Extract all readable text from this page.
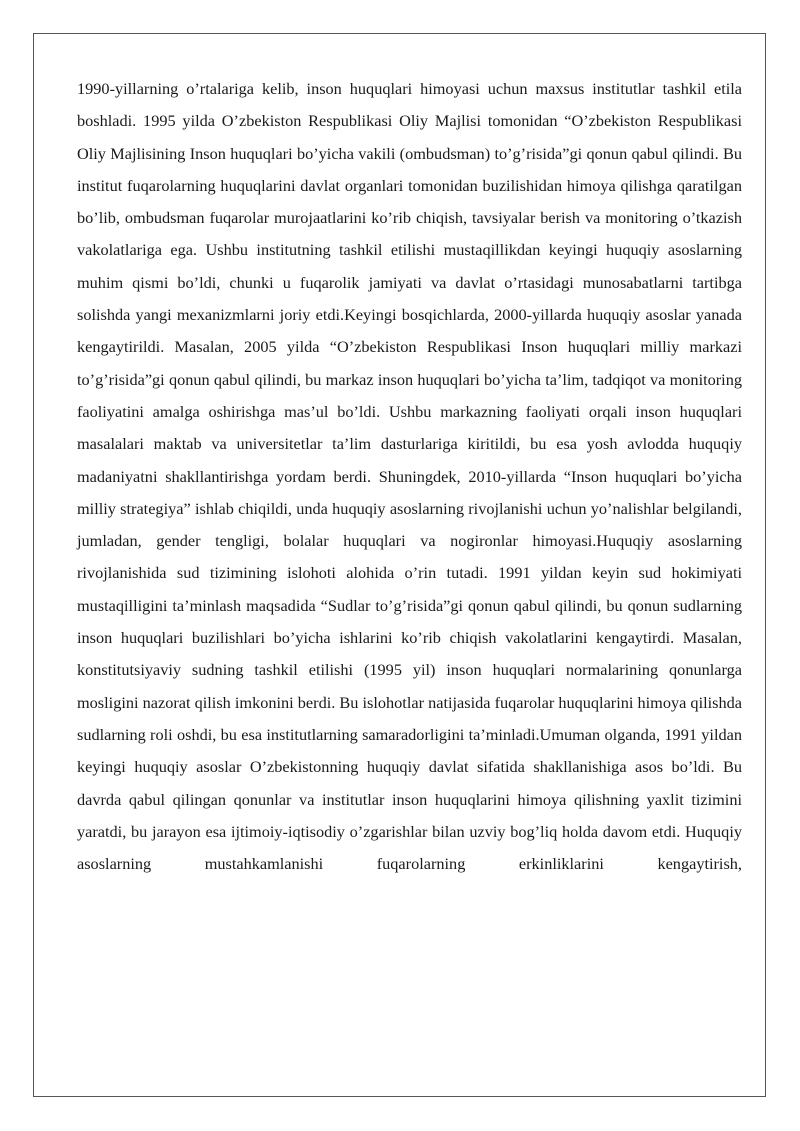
1990-yillarning o’rtalariga kelib, inson huquqlari himoyasi uchun maxsus institutlar tashkil etila boshladi. 1995 yilda O’zbekiston Respublikasi Oliy Majlisi tomonidan “O’zbekiston Respublikasi Oliy Majlisining Inson huquqlari bo’yicha vakili (ombudsman) to’g’risida”gi qonun qabul qilindi. Bu institut fuqarolarning huquqlarini davlat organlari tomonidan buzilishidan himoya qilishga qaratilgan bo’lib, ombudsman fuqarolar murojaatlarini ko’rib chiqish, tavsiyalar berish va monitoring o’tkazish vakolatlariga ega. Ushbu institutning tashkil etilishi mustaqillikdan keyingi huquqiy asoslarning muhim qismi bo’ldi, chunki u fuqarolik jamiyati va davlat o’rtasidagi munosabatlarni tartibga solishda yangi mexanizmlarni joriy etdi.Keyingi bosqichlarda, 2000-yillarda huquqiy asoslar yanada kengaytirildi. Masalan, 2005 yilda “O’zbekiston Respublikasi Inson huquqlari milliy markazi to’g’risida”gi qonun qabul qilindi, bu markaz inson huquqlari bo’yicha ta’lim, tadqiqot va monitoring faoliyatini amalga oshirishga mas’ul bo’ldi. Ushbu markazning faoliyati orqali inson huquqlari masalalari maktab va universitetlar ta’lim dasturlariga kiritildi, bu esa yosh avlodda huquqiy madaniyatni shakllantirishga yordam berdi. Shuningdek, 2010-yillarda “Inson huquqlari bo’yicha milliy strategiya” ishlab chiqildi, unda huquqiy asoslarning rivojlanishi uchun yo’nalishlar belgilandi, jumladan, gender tengligi, bolalar huquqlari va nogironlar himoyasi.Huquqiy asoslarning rivojlanishida sud tizimining islohoti alohida o’rin tutadi. 1991 yildan keyin sud hokimiyati mustaqilligini ta’minlash maqsadida “Sudlar to’g’risida”gi qonun qabul qilindi, bu qonun sudlarning inson huquqlari buzilishlari bo’yicha ishlarini ko’rib chiqish vakolatlarini kengaytirdi. Masalan, konstitutsiyaviy sudning tashkil etilishi (1995 yil) inson huquqlari normalarining qonunlarga mosligini nazorat qilish imkonini berdi. Bu islohotlar natijasida fuqarolar huquqlarini himoya qilishda sudlarning roli oshdi, bu esa institutlarning samaradorligini ta’minladi.Umuman olganda, 1991 yildan keyingi huquqiy asoslar O’zbekistonning huquqiy davlat sifatida shakllanishiga asos bo’ldi. Bu davrda qabul qilingan qonunlar va institutlar inson huquqlarini himoya qilishning yaxlit tizimini yaratdi, bu jarayon esa ijtimoiy-iqtisodiy o’zgarishlar bilan uzviy bog’liq holda davom etdi. Huquqiy asoslarning mustahkamlanishi fuqarolarning erkinliklarini kengaytirish,
